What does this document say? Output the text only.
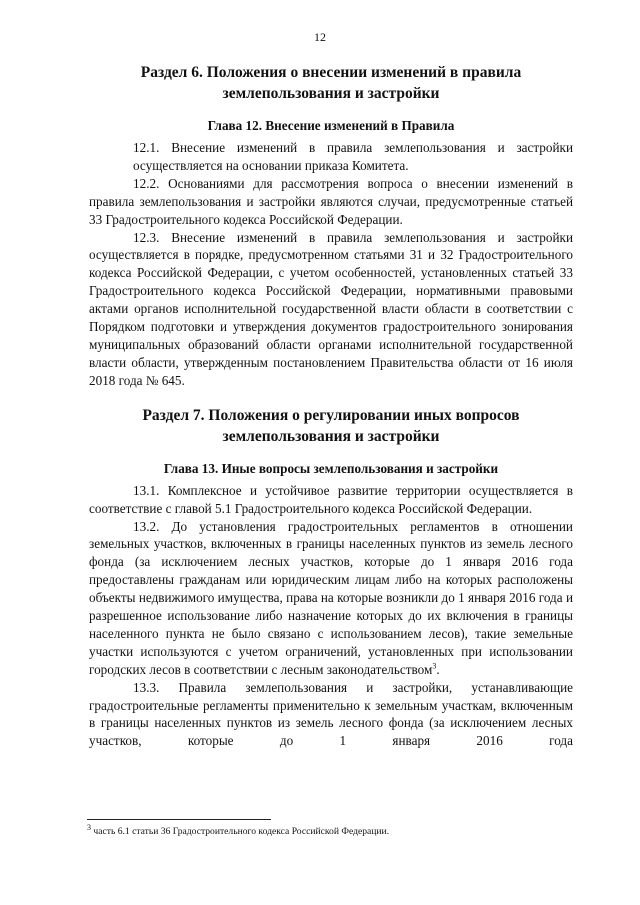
12
Раздел 6. Положения о внесении изменений в правила
землепользования и застройки
Глава 12. Внесение изменений в Правила

12.1. Внесение изменений в правила землепользования и застройки осуществляется на основании приказа Комитета.

12.2. Основаниями для рассмотрения вопроса о внесении изменений в правила землепользования и застройки являются случаи, предусмотренные статьей 33 Градостроительного кодекса Российской Федерации.

12.3. Внесение изменений в правила землепользования и застройки осуществляется в порядке, предусмотренном статьями 31 и 32 Градостроительного кодекса Российской Федерации, с учетом особенностей, установленных статьей 33 Градостроительного кодекса Российской Федерации, нормативными правовыми актами органов исполнительной государственной власти области в соответствии с Порядком подготовки и утверждения документов градостроительного зонирования муниципальных образований области органами исполнительной государственной власти области, утвержденным постановлением Правительства области от 16 июля 2018 года № 645.

Раздел 7. Положения о регулировании иных вопросов
землепользования и застройки
Глава 13. Иные вопросы землепользования и застройки

13.1. Комплексное и устойчивое развитие территории осуществляется в соответствие с главой 5.1 Градостроительного кодекса Российской Федерации.

13.2. До установления градостроительных регламентов в отношении земельных участков, включенных в границы населенных пунктов из земель лесного фонда (за исключением лесных участков, которые до 1 января 2016 года предоставлены гражданам или юридическим лицам либо на которых расположены объекты недвижимого имущества, права на которые возникли до 1 января 2016 года и разрешенное использование либо назначение которых до их включения в границы населенного пункта не было связано с использованием лесов), такие земельные участки используются с учетом ограничений, установленных при использовании городских лесов в соответствии с лесным законодательством$^3$.

13.3. Правила землепользования и застройки, устанавливающие градостроительные регламенты применительно к земельным участкам, включенным в границы населенных пунктов из земель лесного фонда (за исключением лесных участков, которые до 1 января 2016 года

$^3$ часть 6.1 статьи 36 Градостроительного кодекса Российской Федерации.
